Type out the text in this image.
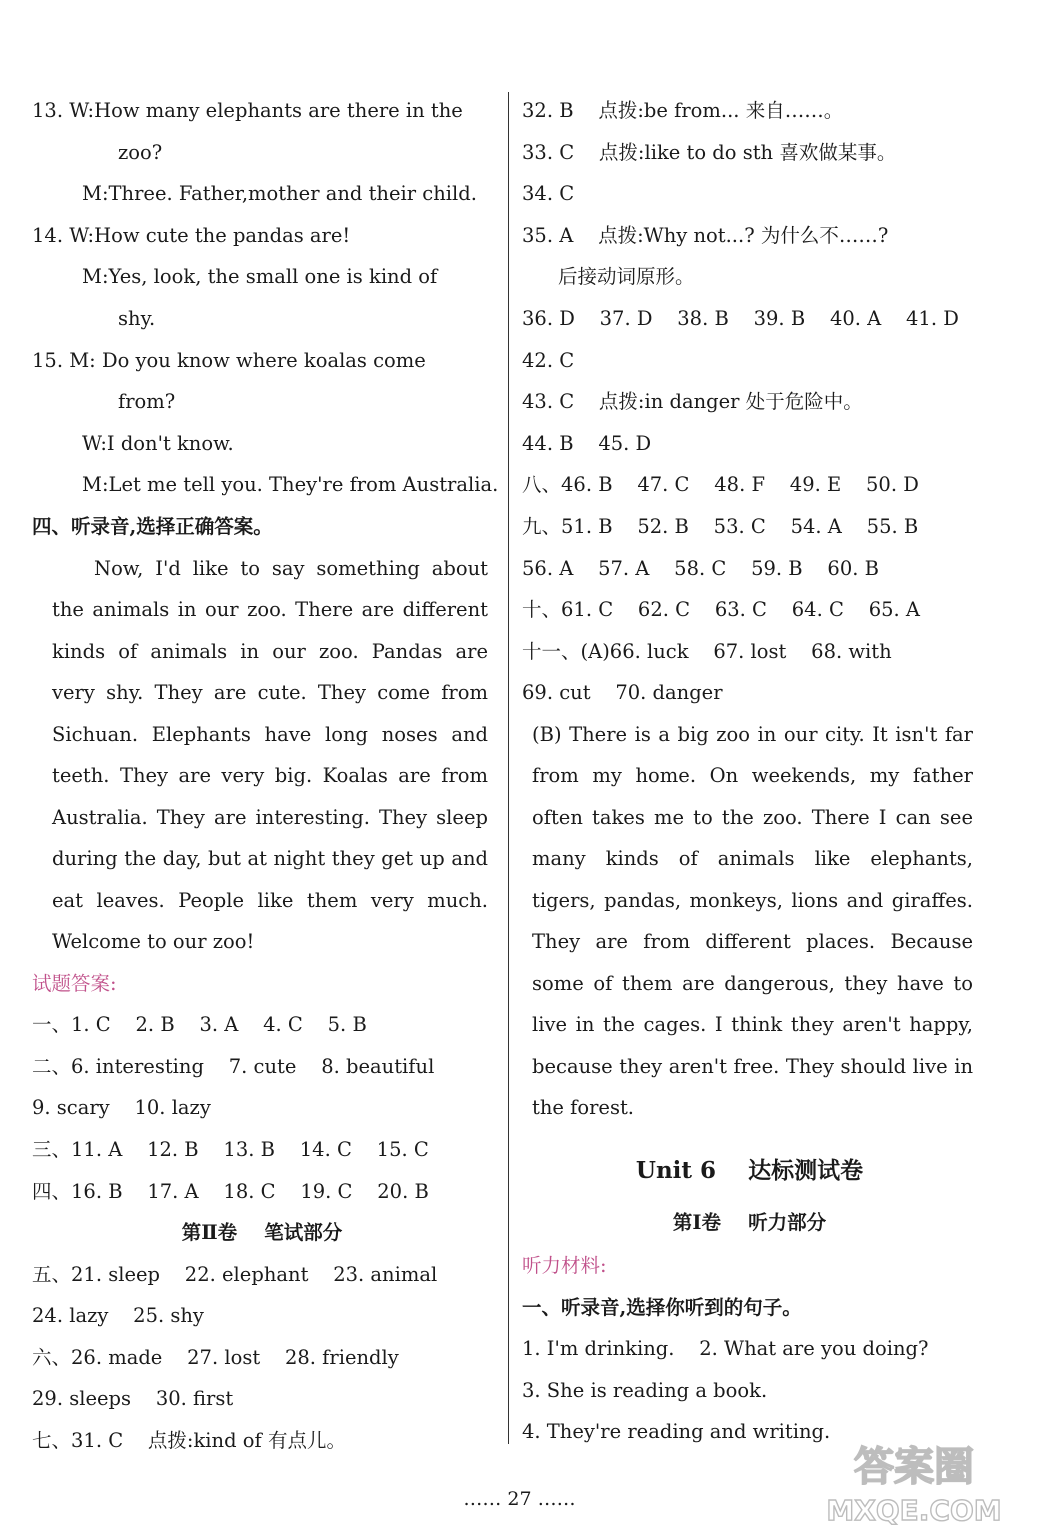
13. W:How many elephants are there in the
zoo?
M:Three. Father,mother and their child.
14. W:How cute the pandas are!
M:Yes, look, the small one is kind of
shy.
15. M: Do you know where koalas come
from?
W:I don't know.
M:Let me tell you. They're from Australia.
四、听录音,选择正确答案。
Now, I'd like to say something about the animals in our zoo. There are different kinds of animals in our zoo. Pandas are very shy. They are cute. They come from Sichuan. Elephants have long noses and teeth. They are very big. Koalas are from Australia. They are interesting. They sleep during the day, but at night they get up and eat leaves. People like them very much. Welcome to our zoo!
试题答案:
一、1. C    2. B    3. A    4. C    5. B
二、6. interesting    7. cute    8. beautiful
9. scary    10. lazy
三、11. A    12. B    13. B    14. C    15. C
四、16. B    17. A    18. C    19. C    20. B
第Ⅱ卷    笔试部分
五、21. sleep    22. elephant    23. animal
24. lazy    25. shy
六、26. made    27. lost    28. friendly
29. sleeps    30. first
七、31. C    点拨:kind of 有点儿。
32. B    点拨:be from... 来自……。
33. C    点拨:like to do sth 喜欢做某事。
34. C
35. A    点拨:Why not...? 为什么不……?
后接动词原形。
36. D    37. D    38. B    39. B    40. A    41. D
42. C
43. C    点拨:in danger 处于危险中。
44. B    45. D
八、46. B    47. C    48. F    49. E    50. D
九、51. B    52. B    53. C    54. A    55. B
56. A    57. A    58. C    59. B    60. B
十、61. C    62. C    63. C    64. C    65. A
十一、(A)66. luck    67. lost    68. with
69. cut    70. danger
(B) There is a big zoo in our city. It isn't far from my home. On weekends, my father often takes me to the zoo. There I can see many kinds of animals like elephants, tigers, pandas, monkeys, lions and giraffes. They are from different places. Because some of them are dangerous, they have to live in the cages. I think they aren't happy, because they aren't free. They should live in the forest.
Unit 6    达标测试卷
第Ⅰ卷    听力部分
听力材料:
一、听录音,选择你听到的句子。
1. I'm drinking.    2. What are you doing?
3. She is reading a book.
4. They're reading and writing.
…… 27 ……
答案圈
MXQE.COM
